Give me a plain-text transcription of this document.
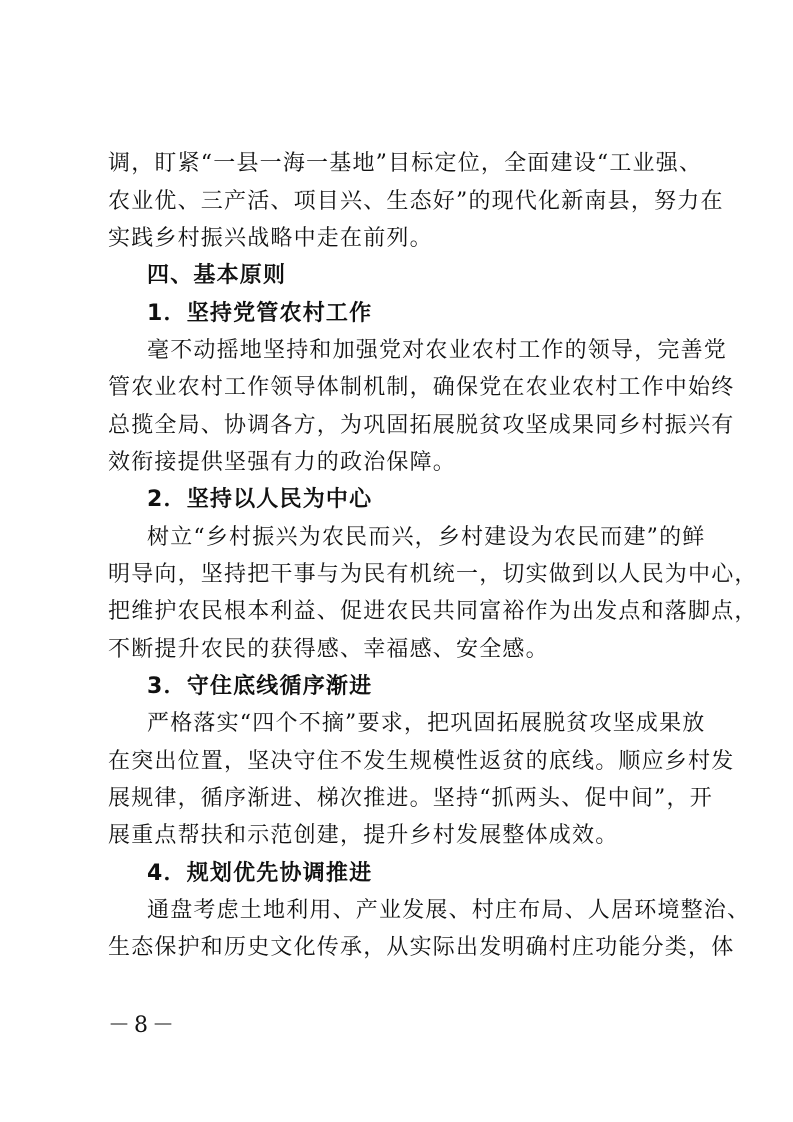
调，盯紧“一县一海一基地”目标定位，全面建设“工业强、
农业优、三产活、项目兴、生态好”的现代化新南县，努力在
实践乡村振兴战略中走在前列。
四、基本原则
1．坚持党管农村工作
毫不动摇地坚持和加强党对农业农村工作的领导，完善党
管农业农村工作领导体制机制，确保党在农业农村工作中始终
总揽全局、协调各方，为巩固拓展脱贫攻坚成果同乡村振兴有
效衔接提供坚强有力的政治保障。
2．坚持以人民为中心
树立“乡村振兴为农民而兴，乡村建设为农民而建”的鲜
明导向，坚持把干事与为民有机统一，切实做到以人民为中心，
把维护农民根本利益、促进农民共同富裕作为出发点和落脚点，
不断提升农民的获得感、幸福感、安全感。
3．守住底线循序渐进
严格落实“四个不摘”要求，把巩固拓展脱贫攻坚成果放
在突出位置，坚决守住不发生规模性返贫的底线。顺应乡村发
展规律，循序渐进、梯次推进。坚持“抓两头、促中间”，开
展重点帮扶和示范创建，提升乡村发展整体成效。
4．规划优先协调推进
通盘考虑土地利用、产业发展、村庄布局、人居环境整治、
生态保护和历史文化传承，从实际出发明确村庄功能分类，体
－8－
